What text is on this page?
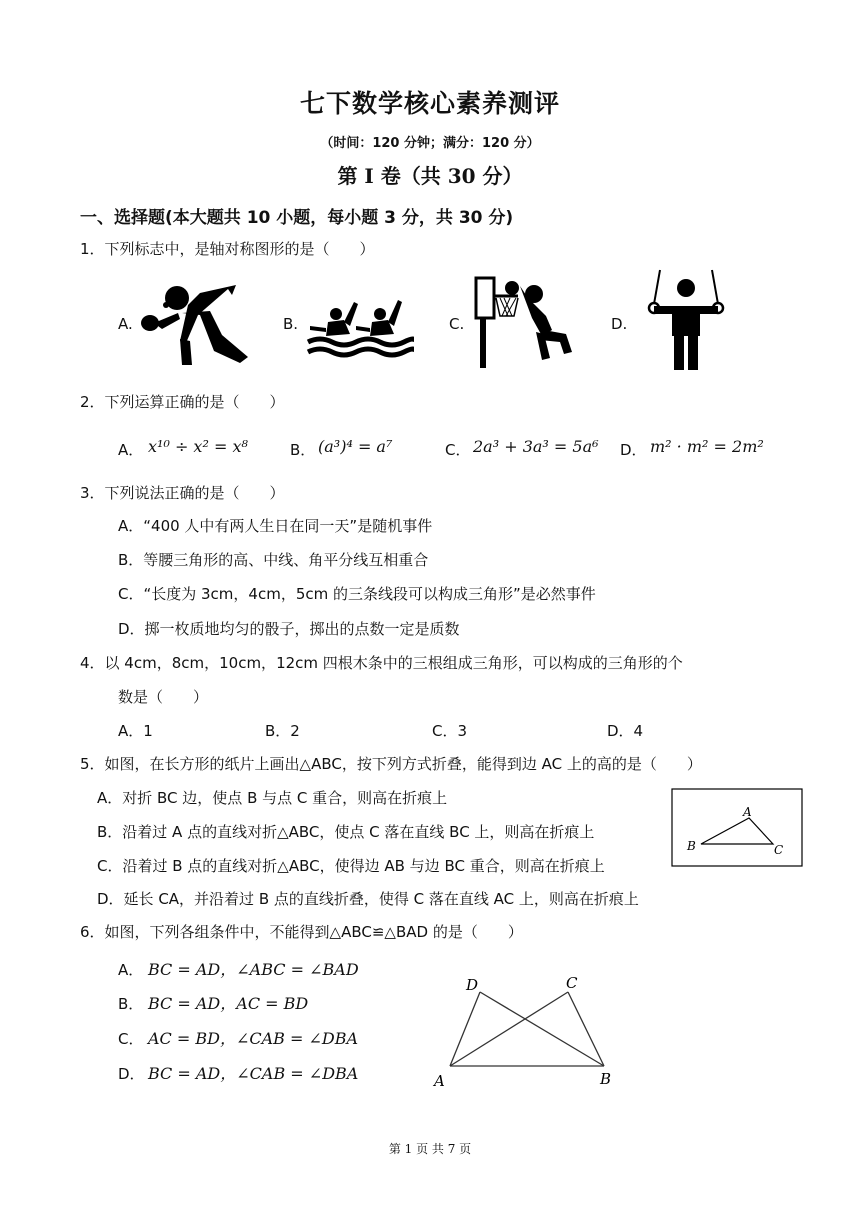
七下数学核心素养测评
（时间：120 分钟；满分：120 分）
第 I 卷（共 30 分）
一、选择题(本大题共 10 小题，每小题 3 分，共 30 分)
1．下列标志中，是轴对称图形的是（　　）
A.	B.	C.	D.
2．下列运算正确的是（　　）
A． x¹⁰ ÷ x² = x⁸	B． (a³)⁴ = a⁷	C． 2a³ + 3a³ = 5a⁶ D． m² · m² = 2m²
3．下列说法正确的是（　　）
A．“400 人中有两人生日在同一天”是随机事件
B．等腰三角形的高、中线、角平分线互相重合
C．“长度为 3cm，4cm，5cm 的三条线段可以构成三角形”是必然事件
D．掷一枚质地均匀的骰子，掷出的点数一定是质数
4．以 4cm，8cm，10cm，12cm 四根木条中的三根组成三角形，可以构成的三角形的个
数是（　　）
A．1	B．2	C．3	D．4
5．如图，在长方形的纸片上画出△ABC，按下列方式折叠，能得到边 AC 上的高的是（　　）
A．对折 BC 边，使点 B 与点 C 重合，则高在折痕上
B．沿着过 A 点的直线对折△ABC，使点 C 落在直线 BC 上，则高在折痕上
C．沿着过 B 点的直线对折△ABC，使得边 AB 与边 BC 重合，则高在折痕上
D．延长 CA，并沿着过 B 点的直线折叠，使得 C 落在直线 AC 上，则高在折痕上
A
B	C
6．如图，下列各组条件中，不能得到△ABC≌△BAD 的是（　　）
A． BC = AD，∠ABC = ∠BAD
B． BC = AD，AC = BD
C． AC = BD，∠CAB = ∠DBA
D． BC = AD，∠CAB = ∠DBA	A	B
C
D
第 1 页 共 7 页
